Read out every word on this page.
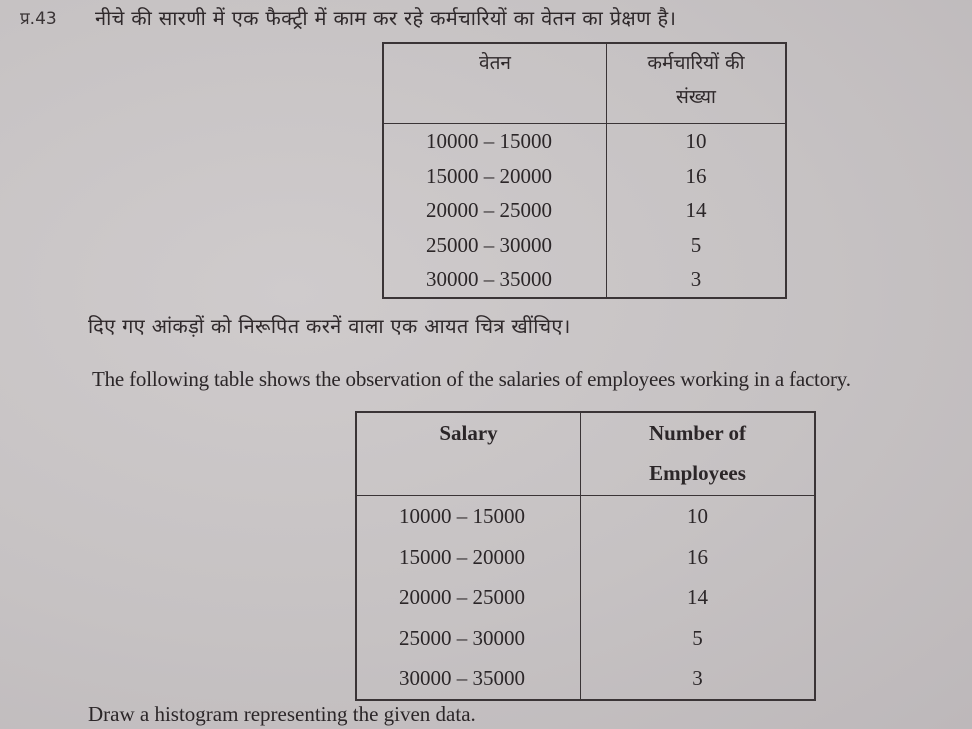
प्र.43 नीचे की सारणी में एक फैक्ट्री में काम कर रहे कर्मचारियों का वेतन का प्रेक्षण है।
वेतन	कर्मचारियों की
संख्या

10000 – 15000	10
15000 – 20000	16
20000 – 25000	14
25000 – 30000	5
30000 – 35000	3
दिए गए आंकड़ों को निरूपित करनें वाला एक आयत चित्र खींचिए।
The following table shows the observation of the salaries of employees working in a factory.
Salary	Number of
Employees

10000 – 15000	10
15000 – 20000	16
20000 – 25000	14
25000 – 30000	5
30000 – 35000	3
Draw a histogram representing the given data.
